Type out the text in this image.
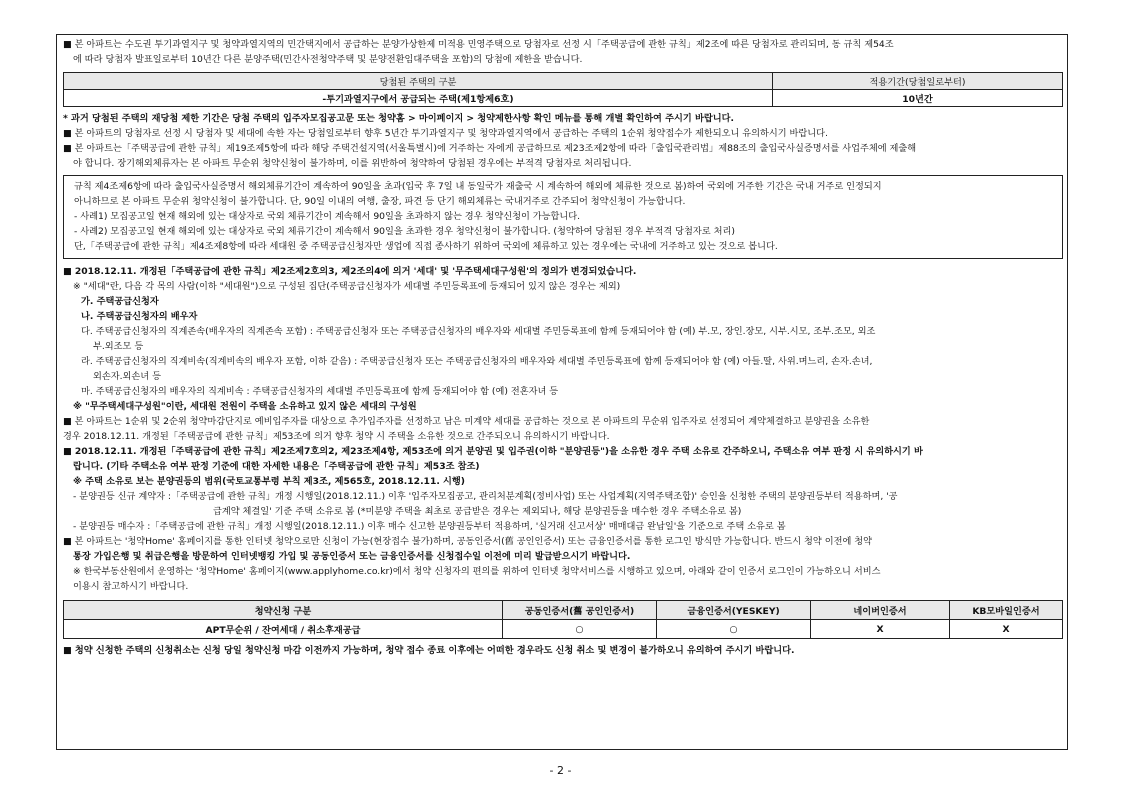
■ 본 아파트는 수도권 투기과열지구 및 청약과열지역의 민간택지에서 공급하는 분양가상한제 미적용 민영주택으로 당첨자로 선정 시「주택공급에 관한 규칙」제2조에 따른 당첨자로 관리되며, 동 규칙 제54조
에 따라 당첨자 발표일로부터 10년간 다른 분양주택(민간사전청약주택 및 분양전환임대주택을 포함)의 당첨에 제한을 받습니다.
당첨된 주택의 구분	적용기간(당첨일로부터)
-투기과열지구에서 공급되는 주택(제1항제6호)	10년간
* 과거 당첨된 주택의 재당첨 제한 기간은 당첨 주택의 입주자모집공고문 또는 청약홈 > 마이페이지 > 청약제한사항 확인 메뉴를 통해 개별 확인하여 주시기 바랍니다.
■ 본 아파트의 당첨자로 선정 시 당첨자 및 세대에 속한 자는 당첨일로부터 향후 5년간 투기과열지구 및 청약과열지역에서 공급하는 주택의 1순위 청약접수가 제한되오니 유의하시기 바랍니다.
■ 본 아파트는「주택공급에 관한 규칙」제19조제5항에 따라 해당 주택건설지역(서울특별시)에 거주하는 자에게 공급하므로 제23조제2항에 따라「출입국관리법」제88조의 출입국사실증명서를 사업주체에 제출해
야 합니다. 장기해외체류자는 본 아파트 무순위 청약신청이 불가하며, 이를 위반하여 청약하여 당첨된 경우에는 부적격 당첨자로 처리됩니다.
규칙 제4조제6항에 따라 출입국사실증명서 해외체류기간이 계속하여 90일을 초과(입국 후 7일 내 동일국가 재출국 시 계속하여 해외에 체류한 것으로 봄)하여 국외에 거주한 기간은 국내 거주로 인정되지
아니하므로 본 아파트 무순위 청약신청이 불가합니다. 단, 90일 이내의 여행, 출장, 파견 등 단기 해외체류는 국내거주로 간주되어 청약신청이 가능합니다.
- 사례1) 모집공고일 현재 해외에 있는 대상자로 국외 체류기간이 계속해서 90일을 초과하지 않는 경우 청약신청이 가능합니다.
- 사례2) 모집공고일 현재 해외에 있는 대상자로 국외 체류기간이 계속해서 90일을 초과한 경우 청약신청이 불가합니다. (청약하여 당첨된 경우 부적격 당첨자로 처리)
단,「주택공급에 관한 규칙」제4조제8항에 따라 세대원 중 주택공급신청자만 생업에 직접 종사하기 위하여 국외에 체류하고 있는 경우에는 국내에 거주하고 있는 것으로 봅니다.
■ 2018.12.11. 개정된「주택공급에 관한 규칙」제2조제2호의3, 제2조의4에 의거 '세대' 및 '무주택세대구성원'의 정의가 변경되었습니다.
※ "세대"란, 다음 각 목의 사람(이하 "세대원")으로 구성된 집단(주택공급신청자가 세대별 주민등록표에 등재되어 있지 않은 경우는 제외)
가. 주택공급신청자
나. 주택공급신청자의 배우자
다. 주택공급신청자의 직계존속(배우자의 직계존속 포함) : 주택공급신청자 또는 주택공급신청자의 배우자와 세대별 주민등록표에 함께 등재되어야 함 (예) 부.모, 장인.장모, 시부.시모, 조부.조모, 외조
부.외조모 등
라. 주택공급신청자의 직계비속(직계비속의 배우자 포함, 이하 같음) : 주택공급신청자 또는 주택공급신청자의 배우자와 세대별 주민등록표에 함께 등재되어야 함 (예) 아들.딸, 사위.며느리, 손자.손녀,
외손자.외손녀 등
마. 주택공급신청자의 배우자의 직계비속 : 주택공급신청자의 세대별 주민등록표에 함께 등재되어야 함 (예) 전혼자녀 등
※ "무주택세대구성원"이란, 세대원 전원이 주택을 소유하고 있지 않은 세대의 구성원
■ 본 아파트는 1순위 및 2순위 청약마감단지로 예비입주자를 대상으로 추가입주자를 선정하고 남은 미계약 세대를 공급하는 것으로 본 아파트의 무순위 입주자로 선정되어 계약체결하고 분양권을 소유한
경우 2018.12.11. 개정된「주택공급에 관한 규칙」제53조에 의거 향후 청약 시 주택을 소유한 것으로 간주되오니 유의하시기 바랍니다.
■ 2018.12.11. 개정된「주택공급에 관한 규칙」제2조제7호의2, 제23조제4항, 제53조에 의거 분양권 및 입주권(이하 "분양권등")을 소유한 경우 주택 소유로 간주하오니, 주택소유 여부 판정 시 유의하시기 바
랍니다. (기타 주택소유 여부 판정 기준에 대한 자세한 내용은「주택공급에 관한 규칙」제53조 참조)
※ 주택 소유로 보는 분양권등의 범위(국토교통부령 부칙 제3조, 제565호, 2018.12.11. 시행)
- 분양권등 신규 계약자 :「주택공급에 관한 규칙」개정 시행일(2018.12.11.) 이후 '입주자모집공고, 관리처분계획(정비사업) 또는 사업계획(지역주택조합)' 승인을 신청한 주택의 분양권등부터 적용하며, '공
급계약 체결일' 기준 주택 소유로 봄 (*미분양 주택을 최초로 공급받은 경우는 제외되나, 해당 분양권등을 매수한 경우 주택소유로 봄)
- 분양권등 매수자 :「주택공급에 관한 규칙」개정 시행일(2018.12.11.) 이후 매수 신고한 분양권등부터 적용하며, '실거래 신고서상' 매매대금 완납일'을 기준으로 주택 소유로 봄
■ 본 아파트는 '청약Home' 홈페이지를 통한 인터넷 청약으로만 신청이 가능(현장접수 불가)하며, 공동인증서(舊 공인인증서) 또는 금융인증서를 통한 로그인 방식만 가능합니다. 반드시 청약 이전에 청약
통장 가입은행 및 취급은행을 방문하여 인터넷뱅킹 가입 및 공동인증서 또는 금융인증서를 신청접수일 이전에 미리 발급받으시기 바랍니다.
※ 한국부동산원에서 운영하는 '청약Home' 홈페이지(www.applyhome.co.kr)에서 청약 신청자의 편의를 위하여 인터넷 청약서비스를 시행하고 있으며, 아래와 같이 인증서 로그인이 가능하오니 서비스
이용시 참고하시기 바랍니다.
청약신청 구분	공동인증서(舊 공인인증서)	금융인증서(YESKEY)	네이버인증서	KB모바일인증서
APT무순위 / 잔여세대 / 취소후재공급	○	○	X	X
■ 청약 신청한 주택의 신청취소는 신청 당일 청약신청 마감 이전까지 가능하며, 청약 접수 종료 이후에는 어떠한 경우라도 신청 취소 및 변경이 불가하오니 유의하여 주시기 바랍니다.
- 2 -
